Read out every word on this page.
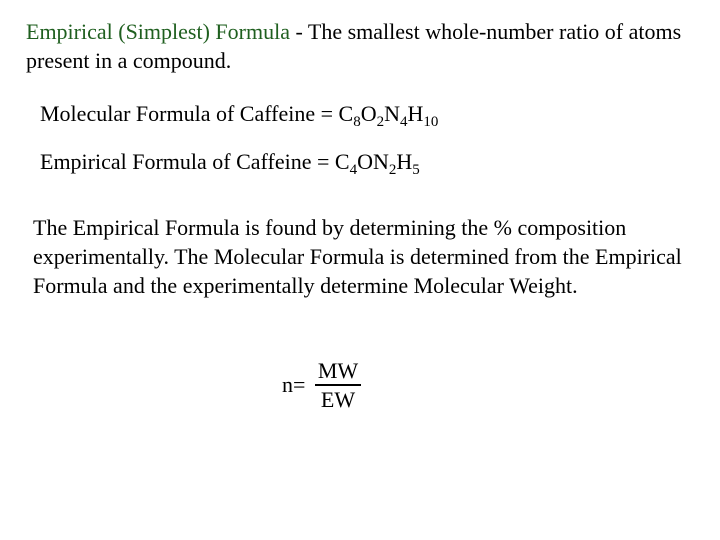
Empirical (Simplest) Formula - The smallest whole-number ratio of atoms present in a compound.
Molecular Formula of Caffeine = $C_8O_2N_4H_{10}$
Empirical Formula of Caffeine = $C_4ON_2H_5$
The Empirical Formula is found by determining the % composition experimentally. The Molecular Formula is determined from the Empirical Formula and the experimentally determine Molecular Weight.
n=
MW
EW
